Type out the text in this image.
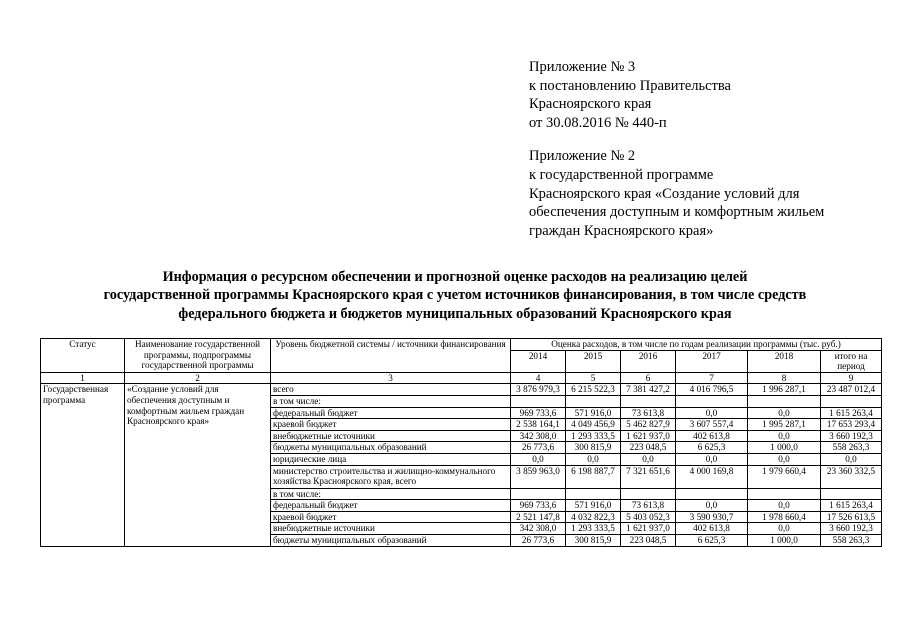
Приложение № 3
к постановлению Правительства
Красноярского края
от 30.08.2016 № 440-п
Приложение № 2
к государственной программе
Красноярского края «Создание условий для
обеспечения доступным и комфортным жильем
граждан Красноярского края»
Информация о ресурсном обеспечении и прогнозной оценке расходов на реализацию целей
государственной программы Красноярского края с учетом источников финансирования, в том числе средств
федерального бюджета и бюджетов муниципальных образований Красноярского края
Статус	Наименование государственной программы, подпрограммы государственной программы	Уровень бюджетной системы / источники финансирования	Оценка расходов, в том числе по годам реализации программы (тыс. руб.)					
			2014	2015	2016	2017	2018	итого на период
1	2	3	4	5	6	7	8	9
Государственная программа	«Создание условий для обеспечения доступным и комфортным жильем граждан Красноярского края»	всего	3 876 979,3	6 215 522,3	7 381 427,2	4 016 796,5	1 996 287,1	23 487 012,4
		в том числе:						
		федеральный бюджет	969 733,6	571 916,0	73 613,8	0,0	0,0	1 615 263,4
		краевой бюджет	2 538 164,1	4 049 456,9	5 462 827,9	3 607 557,4	1 995 287,1	17 653 293,4
		внебюджетные источники	342 308,0	1 293 333,5	1 621 937,0	402 613,8	0,0	3 660 192,3
		бюджеты муниципальных образований	26 773,6	300 815,9	223 048,5	6 625,3	1 000,0	558 263,3
		юридические лица	0,0	0,0	0,0	0,0	0,0	0,0
		министерство строительства и жилищно-коммунального хозяйства Красноярского края, всего	3 859 963,0	6 198 887,7	7 321 651,6	4 000 169,8	1 979 660,4	23 360 332,5
		в том числе:						
		федеральный бюджет	969 733,6	571 916,0	73 613,8	0,0	0,0	1 615 263,4
		краевой бюджет	2 521 147,8	4 032 822,3	5 403 052,3	3 590 930,7	1 978 660,4	17 526 613,5
		внебюджетные источники	342 308,0	1 293 333,5	1 621 937,0	402 613,8	0,0	3 660 192,3
		бюджеты муниципальных образований	26 773,6	300 815,9	223 048,5	6 625,3	1 000,0	558 263,3
